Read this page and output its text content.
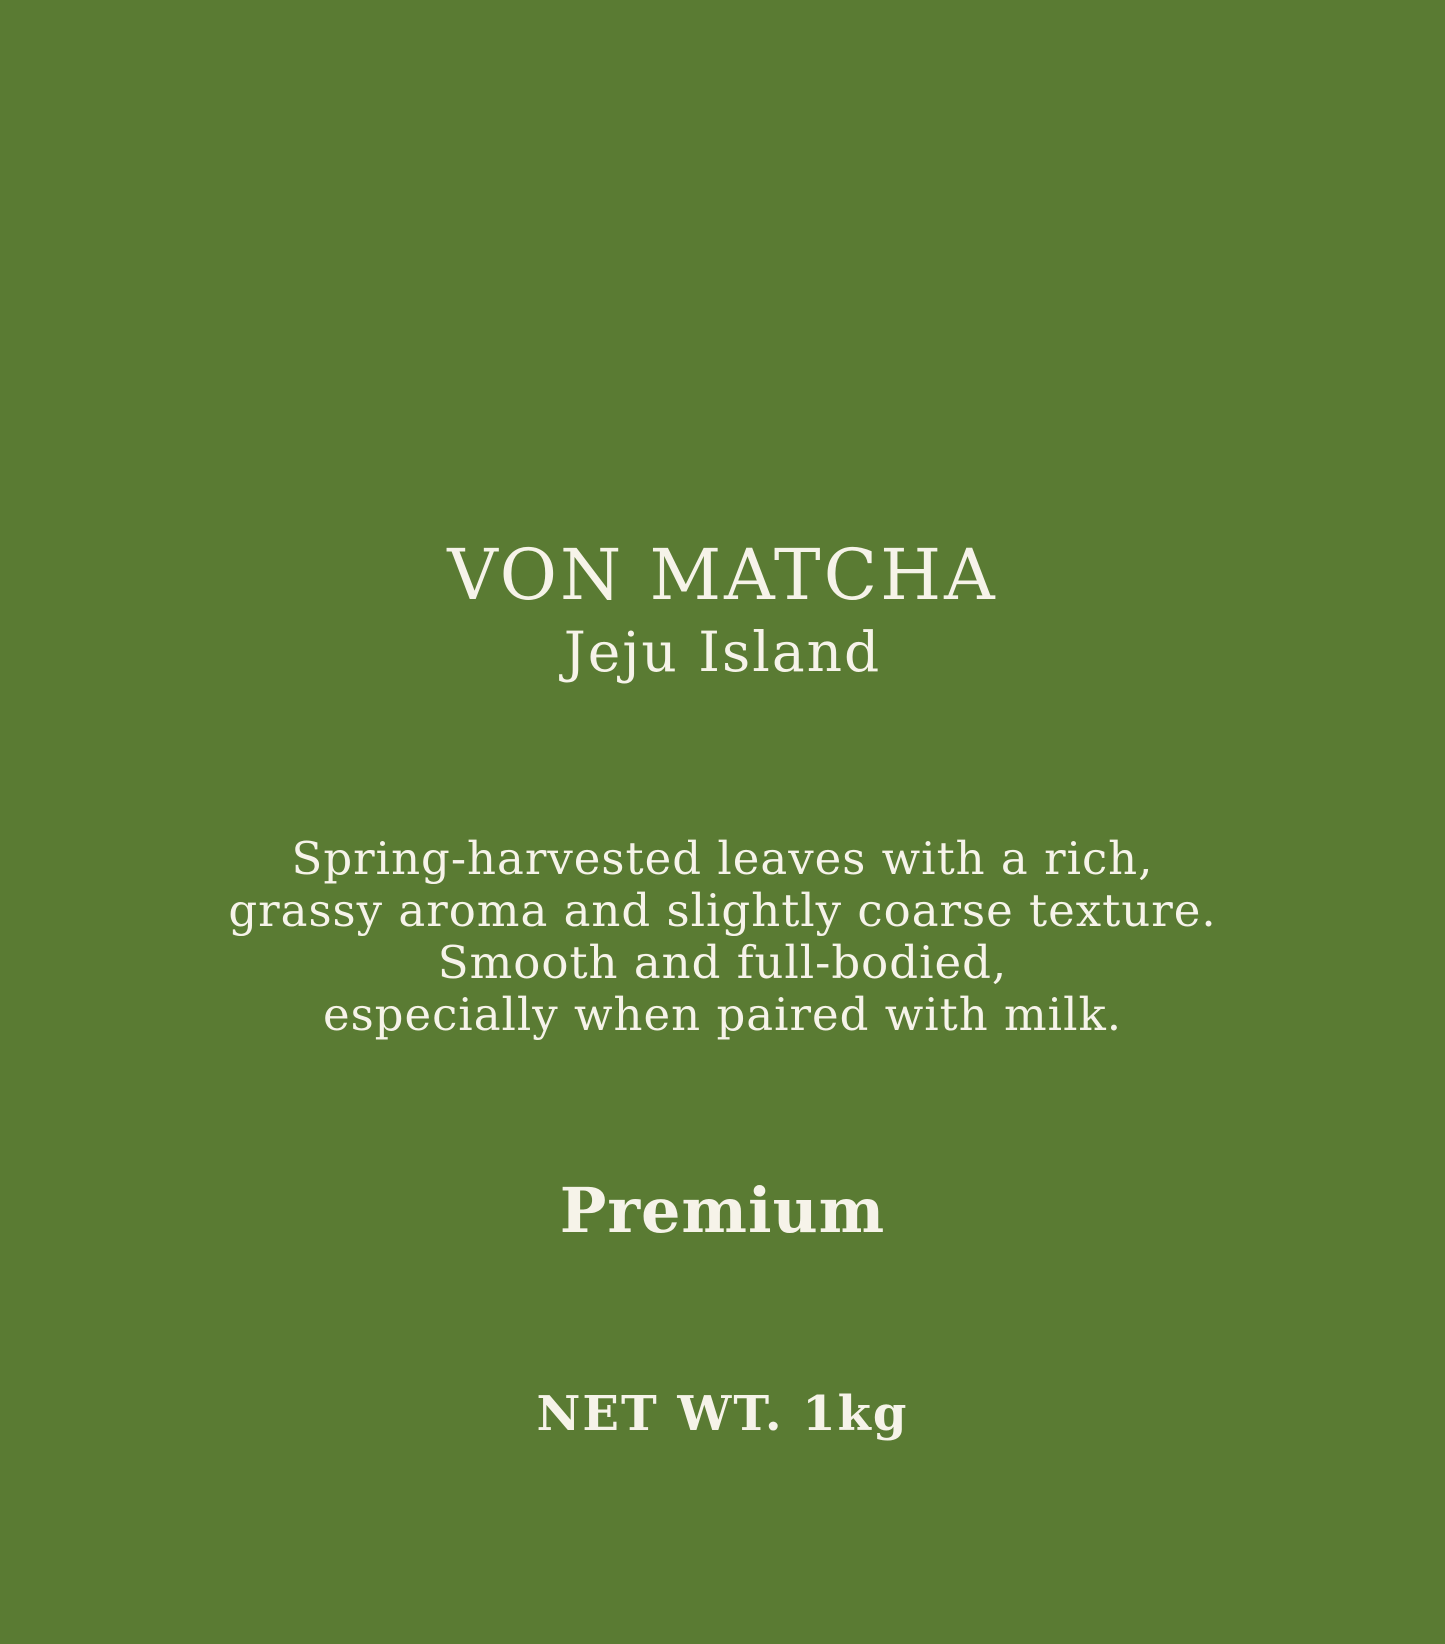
VON MATCHA
Jeju Island
Spring-harvested leaves with a rich,
grassy aroma and slightly coarse texture.
Smooth and full-bodied,
especially when paired with milk.
Premium
NET WT. 1kg
